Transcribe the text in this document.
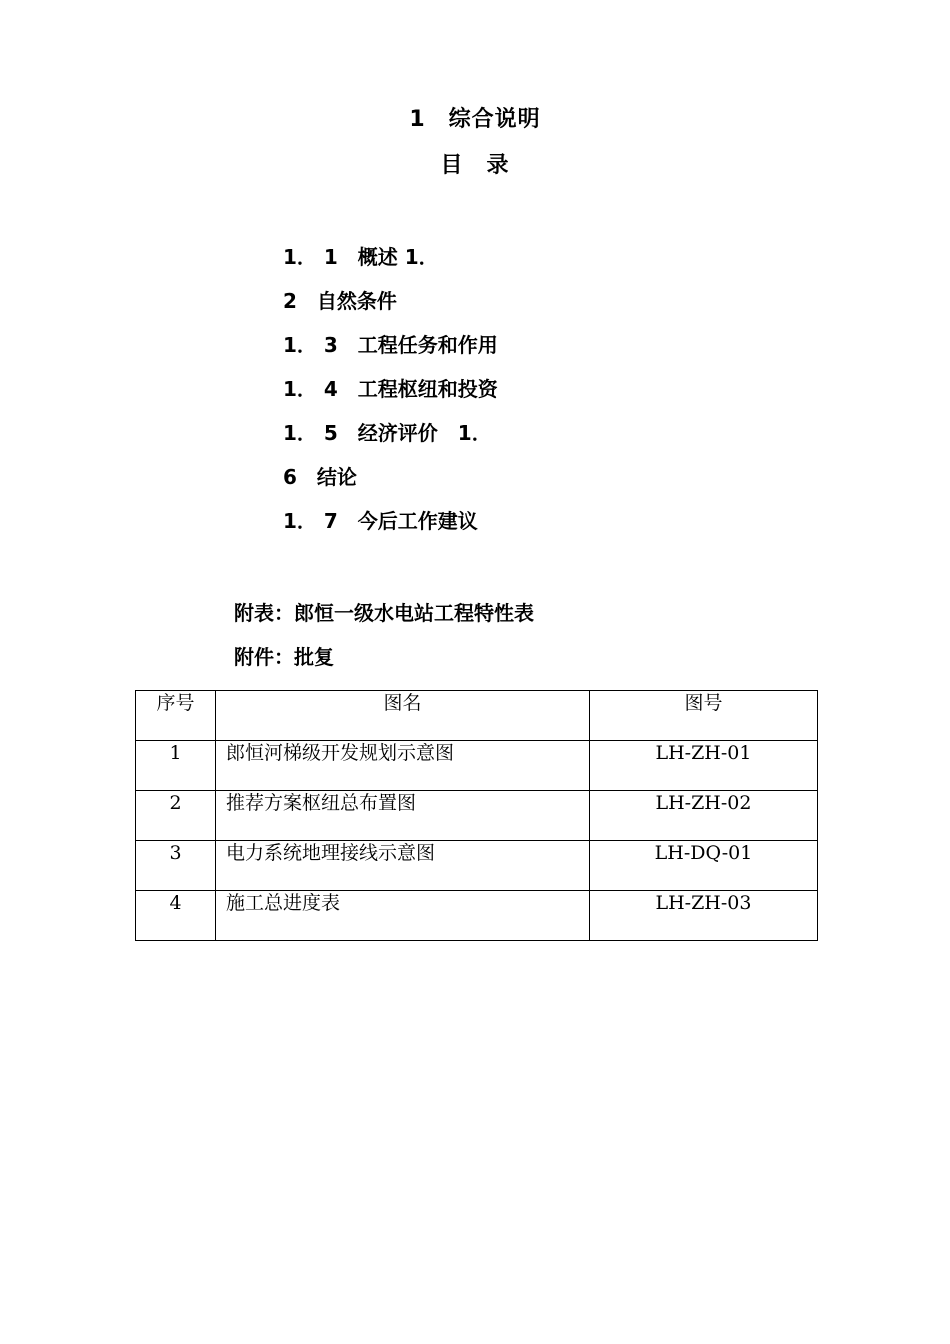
1　综合说明
目　录
1． 1　概述 1．
2　自然条件
1． 3　工程任务和作用
1． 4　工程枢纽和投资
1． 5　经济评价　1．
6　结论
1． 7　今后工作建议
附表：郎恒一级水电站工程特性表
附件：批复
序号	图名	图号
1	郎恒河梯级开发规划示意图	LH-ZH-01
2	推荐方案枢纽总布置图	LH-ZH-02
3	电力系统地理接线示意图	LH-DQ-01
4	施工总进度表	LH-ZH-03
